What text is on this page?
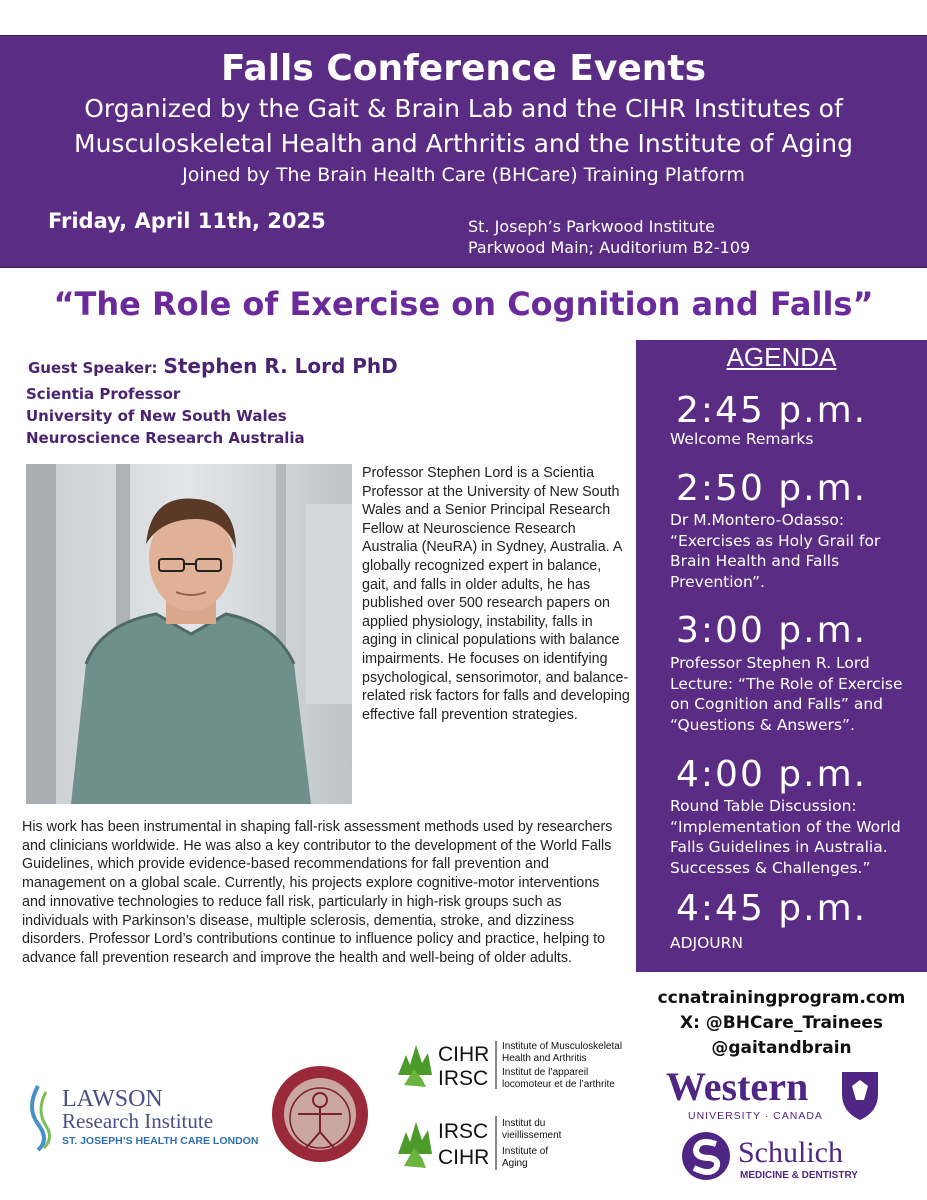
Falls Conference Events
Organized by the Gait & Brain Lab and the CIHR Institutes of
Musculoskeletal Health and Arthritis and the Institute of Aging
Joined by The Brain Health Care (BHCare) Training Platform
Friday, April 11th, 2025	St. Joseph’s Parkwood Institute
Parkwood Main; Auditorium B2-109
“The Role of Exercise on Cognition and Falls”
Guest Speaker: Stephen R. Lord PhD
Scientia Professor
University of New South Wales
Neuroscience Research Australia
Professor Stephen Lord is a Scientia Professor at the University of New South Wales and a Senior Principal Research Fellow at Neuroscience Research Australia (NeuRA) in Sydney, Australia. A globally recognized expert in balance, gait, and falls in older adults, he has published over 500 research papers on applied physiology, instability, falls in aging in clinical populations with balance impairments. He focuses on identifying psychological, sensorimotor, and balance-related risk factors for falls and developing effective fall prevention strategies.
His work has been instrumental in shaping fall-risk assessment methods used by researchers and clinicians worldwide. He was also a key contributor to the development of the World Falls Guidelines, which provide evidence-based recommendations for fall prevention and management on a global scale. Currently, his projects explore cognitive-motor interventions and innovative technologies to reduce fall risk, particularly in high-risk groups such as individuals with Parkinson’s disease, multiple sclerosis, dementia, stroke, and dizziness disorders. Professor Lord’s contributions continue to influence policy and practice, helping to advance fall prevention research and improve the health and well-being of older adults.
AGENDA
2:45 p.m.
Welcome Remarks
2:50 p.m.
Dr M.Montero-Odasso: “Exercises as Holy Grail for Brain Health and Falls Prevention”.
3:00 p.m.
Professor Stephen R. Lord Lecture: “The Role of Exercise on Cognition and Falls” and “Questions & Answers”.
4:00 p.m.
Round Table Discussion: “Implementation of the World Falls Guidelines in Australia. Successes & Challenges.”
4:45 p.m.
ADJOURN
ccnatrainingprogram.com
X: @BHCare_Trainees
@gaitandbrain
LAWSON
Research Institute
ST. JOSEPH’S HEALTH CARE LONDON
CIHR
IRSC
Institute of Musculoskeletal
Health and Arthritis
Institut de l’appareil
locomoteur et de l’arthrite
IRSC
CIHR
Institut du
vieillissement
Institute of
Aging
Western
UNIVERSITY · CANADA
Schulich
MEDICINE & DENTISTRY
